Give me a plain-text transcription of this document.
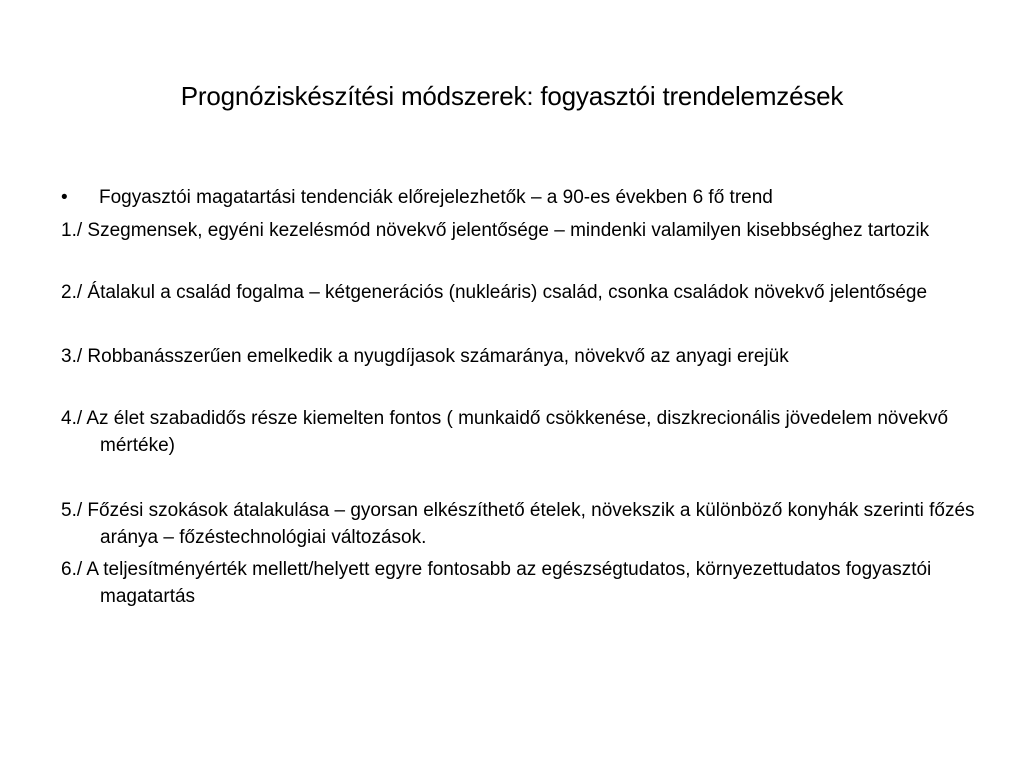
Prognóziskészítési módszerek: fogyasztói trendelemzések

• Fogyasztói magatartási tendenciák előrejelezhetők – a 90-es években 6 fő trend

1./ Szegmensek, egyéni kezelésmód növekvő jelentősége – mindenki valamilyen kisebbséghez tartozik

2./ Átalakul a család fogalma – kétgenerációs (nukleáris) család, csonka családok növekvő jelentősége

3./ Robbanásszerűen emelkedik a nyugdíjasok számaránya, növekvő az anyagi erejük

4./ Az élet szabadidős része kiemelten fontos ( munkaidő csökkenése, diszkrecionális jövedelem növekvő mértéke)

5./ Főzési szokások átalakulása – gyorsan elkészíthető ételek, növekszik a különböző konyhák szerinti főzés aránya – főzéstechnológiai változások.

6./ A teljesítményérték mellett/helyett egyre fontosabb az egészségtudatos, környezettudatos fogyasztói magatartás
